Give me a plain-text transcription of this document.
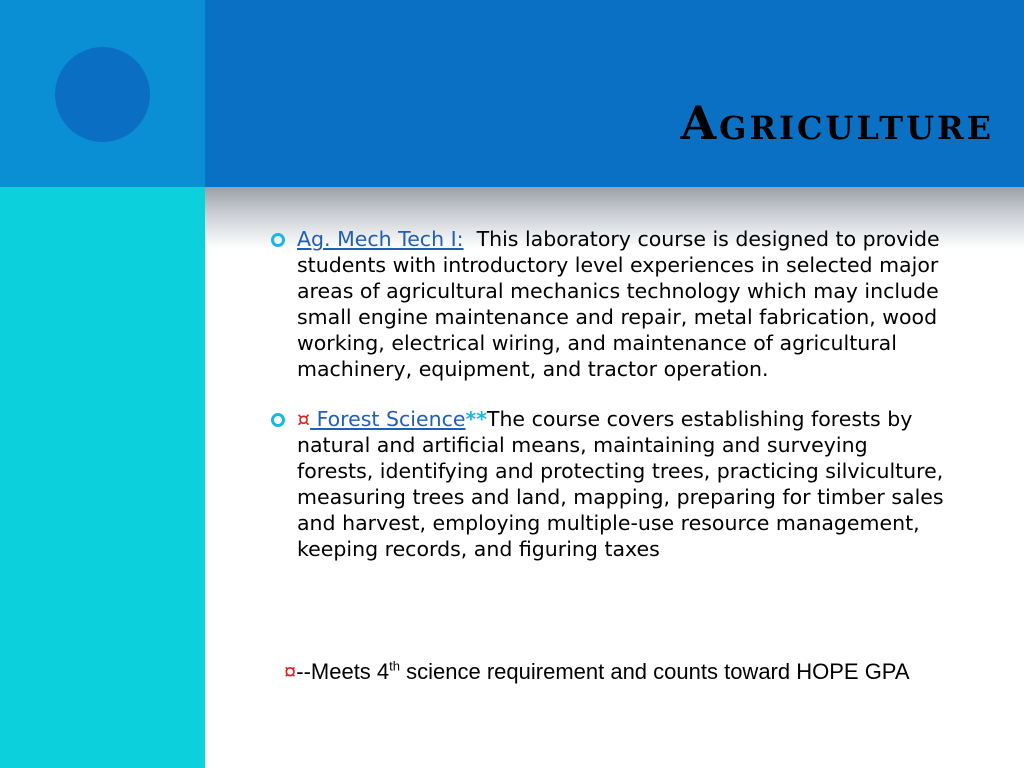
Agriculture
Ag. Mech Tech I:  This laboratory course is designed to provide students with introductory level experiences in selected major areas of agricultural mechanics technology which may include small engine maintenance and repair, metal fabrication, wood working, electrical wiring, and maintenance of agricultural machinery, equipment, and tractor operation.
¤ Forest Science**The course covers establishing forests by natural and artificial means, maintaining and surveying forests, identifying and protecting trees, practicing silviculture, measuring trees and land, mapping, preparing for timber sales and harvest, employing multiple-use resource management, keeping records, and figuring taxes

¤--Meets 4th science requirement and counts toward HOPE GPA
